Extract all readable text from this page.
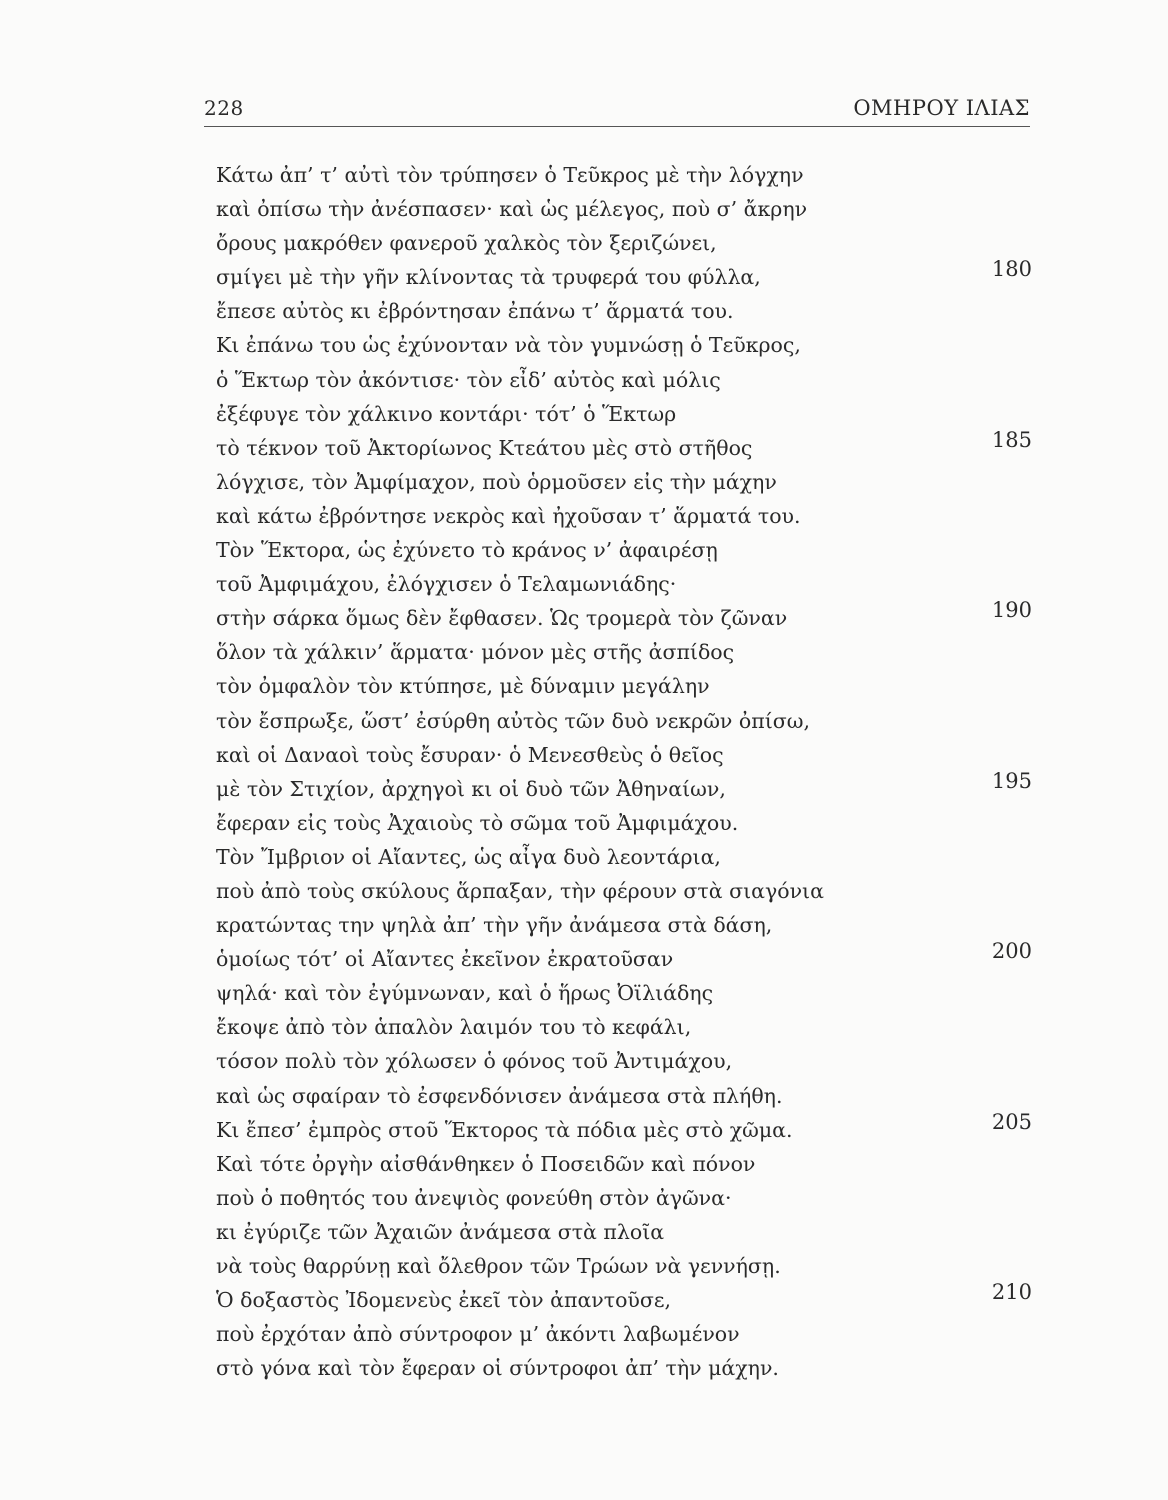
228	ΟΜΗΡΟΥ ΙΛΙΑΣ
Κάτω ἀπ’ τ’ αὐτὶ τὸν τρύπησεν ὁ Τεῦκρος μὲ τὴν λόγχην
καὶ ὀπίσω τὴν ἀνέσπασεν· καὶ ὡς μέλεγος, ποὺ σ’ ἄκρην
ὄρους μακρόθεν φανεροῦ χαλκὸς τὸν ξεριζώνει,
σμίγει μὲ τὴν γῆν κλίνοντας τὰ τρυφερά του φύλλα,	180
ἔπεσε αὐτὸς κι ἐβρόντησαν ἐπάνω τ’ ἅρματά του.
Κι ἐπάνω του ὡς ἐχύνονταν νὰ τὸν γυμνώσῃ ὁ Τεῦκρος,
ὁ Ἕκτωρ τὸν ἀκόντισε· τὸν εἶδ’ αὐτὸς καὶ μόλις
ἐξέφυγε τὸν χάλκινο κοντάρι· τότ’ ὁ Ἕκτωρ
τὸ τέκνον τοῦ Ἀκτορίωνος Κτεάτου μὲς στὸ στῆθος	185
λόγχισε, τὸν Ἀμφίμαχον, ποὺ ὁρμοῦσεν εἰς τὴν μάχην
καὶ κάτω ἐβρόντησε νεκρὸς καὶ ἠχοῦσαν τ’ ἅρματά του.
Τὸν Ἕκτορα, ὡς ἐχύνετο τὸ κράνος ν’ ἀφαιρέσῃ
τοῦ Ἀμφιμάχου, ἐλόγχισεν ὁ Τελαμωνιάδης·
στὴν σάρκα ὅμως δὲν ἔφθασεν. Ὡς τρομερὰ τὸν ζῶναν	190
ὅλον τὰ χάλκιν’ ἅρματα· μόνον μὲς στῆς ἀσπίδος
τὸν ὀμφαλὸν τὸν κτύπησε, μὲ δύναμιν μεγάλην
τὸν ἔσπρωξε, ὥστ’ ἐσύρθη αὐτὸς τῶν δυὸ νεκρῶν ὀπίσω,
καὶ οἱ Δαναοὶ τοὺς ἔσυραν· ὁ Μενεσθεὺς ὁ θεῖος
μὲ τὸν Στιχίον, ἀρχηγοὶ κι οἱ δυὸ τῶν Ἀθηναίων,	195
ἔφεραν εἰς τοὺς Ἀχαιοὺς τὸ σῶμα τοῦ Ἀμφιμάχου.
Τὸν Ἴμβριον οἱ Αἴαντες, ὡς αἶγα δυὸ λεοντάρια,
ποὺ ἀπὸ τοὺς σκύλους ἅρπαξαν, τὴν φέρουν στὰ σιαγόνια
κρατώντας την ψηλὰ ἀπ’ τὴν γῆν ἀνάμεσα στὰ δάση,
ὁμοίως τότ’ οἱ Αἴαντες ἐκεῖνον ἐκρατοῦσαν	200
ψηλά· καὶ τὸν ἐγύμνωναν, καὶ ὁ ἥρως Ὀϊλιάδης
ἔκοψε ἀπὸ τὸν ἁπαλὸν λαιμόν του τὸ κεφάλι,
τόσον πολὺ τὸν χόλωσεν ὁ φόνος τοῦ Ἀντιμάχου,
καὶ ὡς σφαίραν τὸ ἐσφενδόνισεν ἀνάμεσα στὰ πλήθη.
Κι ἔπεσ’ ἐμπρὸς στοῦ Ἕκτορος τὰ πόδια μὲς στὸ χῶμα.	205
Καὶ τότε ὀργὴν αἰσθάνθηκεν ὁ Ποσειδῶν καὶ πόνον
ποὺ ὁ ποθητός του ἀνεψιὸς φονεύθη στὸν ἀγῶνα·
κι ἐγύριζε τῶν Ἀχαιῶν ἀνάμεσα στὰ πλοῖα
νὰ τοὺς θαρρύνῃ καὶ ὄλεθρον τῶν Τρώων νὰ γεννήσῃ.
Ὁ δοξαστὸς Ἰδομενεὺς ἐκεῖ τὸν ἀπαντοῦσε,	210
ποὺ ἐρχόταν ἀπὸ σύντροφον μ’ ἀκόντι λαβωμένον
στὸ γόνα καὶ τὸν ἔφεραν οἱ σύντροφοι ἀπ’ τὴν μάχην.
